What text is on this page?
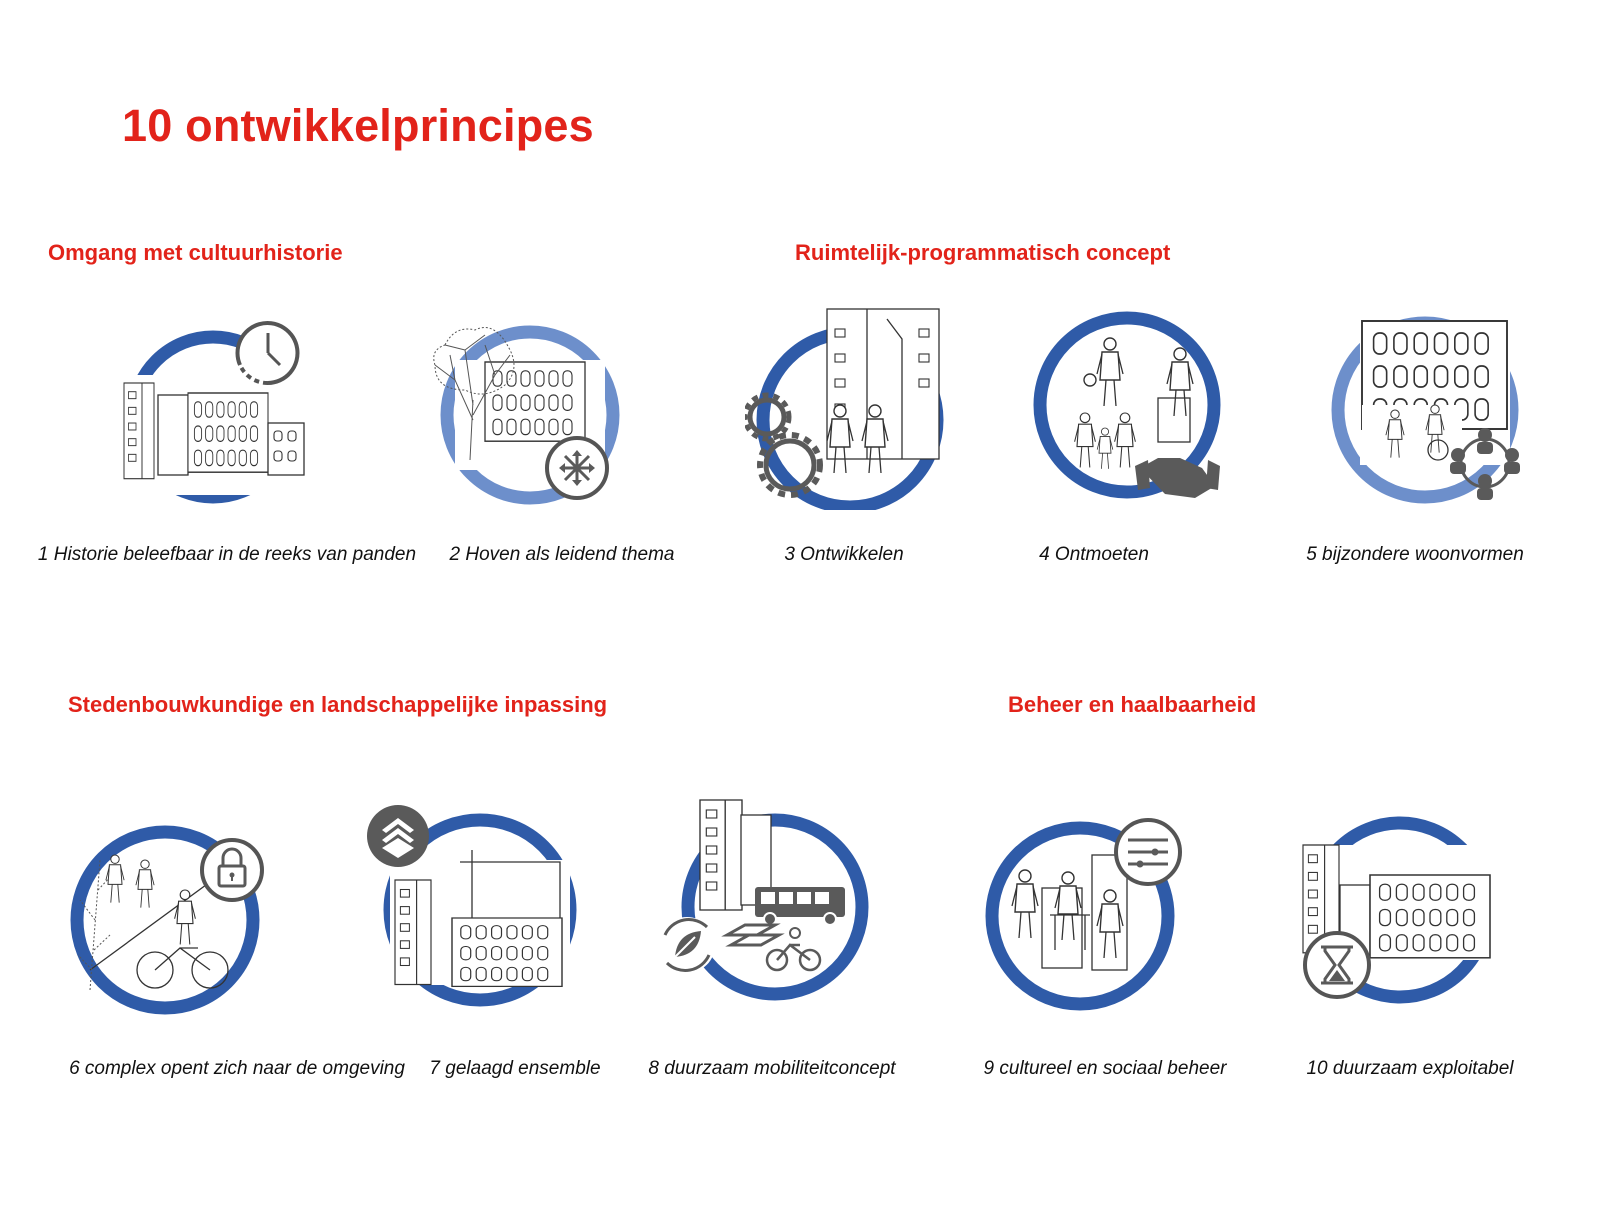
10 ontwikkelprincipes
Omgang met cultuurhistorie	Ruimtelijk-programmatisch concept
Stedenbouwkundige en landschappelijke inpassing	Beheer en haalbaarheid
1 Historie beleefbaar in de reeks van panden 2 Hoven als leidend thema	3 Ontwikkelen	4 Ontmoeten	5 bijzondere woonvormen
6 complex opent zich naar de omgeving 7 gelaagd ensemble	8 duurzaam mobiliteitconcept	9 cultureel en sociaal beheer	10 duurzaam exploitabel
